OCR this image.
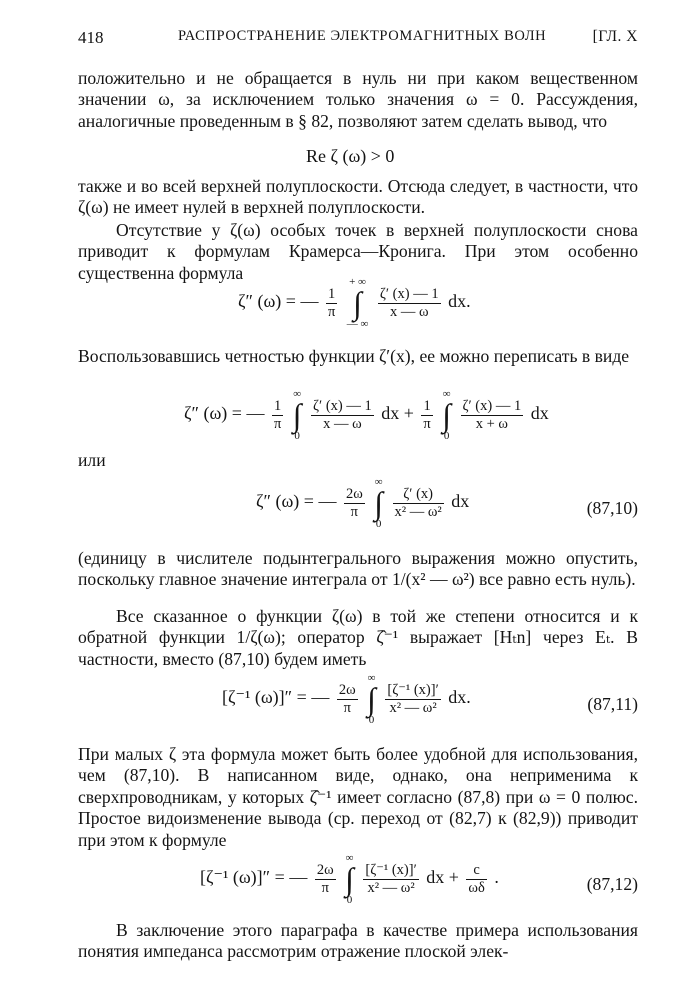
418	РАСПРОСТРАНЕНИЕ ЭЛЕКТРОМАГНИТНЫХ ВОЛН	[ГЛ. X

положительно и не обращается в нуль ни при каком вещественном значении ω, за исключением только значения ω = 0. Рассуждения, аналогичные проведенным в § 82, позволяют затем сделать вывод, что

Re ζ (ω) > 0

также и во всей верхней полуплоскости. Отсюда следует, в частности, что ζ(ω) не имеет нулей в верхней полуплоскости.

Отсутствие у ζ(ω) особых точек в верхней полуплоскости снова приводит к формулам Крамерса—Кронига. При этом особенно существенна формула

ζ″ (ω) = — $\frac{1}{\pi}$

+ ∞
∫
— ∞

$\frac{\zeta' (x) — 1}{x — \omega}$ dx.

Воспользовавшись четностью функции ζ′(x), ее можно переписать в виде

ζ″ (ω) = — $\frac{1}{\pi}$

∞
∫
0

$\frac{\zeta' (x) — 1}{x — \omega}$ dx + $\frac{1}{\pi}$

∞
∫
0

$\frac{\zeta' (x) — 1}{x + \omega}$ dx

или

ζ″ (ω) = — $\frac{2\omega}{\pi}$

∞
∫
0

$\frac{\zeta' (x)}{\text{x² — ω²}}$ dx	(87,10)

(единицу в числителе подынтегрального выражения можно опустить, поскольку главное значение интеграла от 1/(x² — ω²) все равно есть нуль).

Все сказанное о функции ζ(ω) в той же степени относится и к обратной функции 1/ζ(ω); оператор ζ̂⁻¹ выражает [Hₜn] через Eₜ. В частности, вместо (87,10) будем иметь

[ζ⁻¹ (ω)]″ = — $\frac{2\omega}{\pi}$

∞
∫
0

$\frac{\text{[ζ⁻¹ (x)]′}}{\text{x² — ω²}}$ dx.	(87,11)

При малых ζ эта формула может быть более удобной для использования, чем (87,10). В написанном виде, однако, она неприменима к сверхпроводникам, у которых ζ̂⁻¹ имеет согласно (87,8) при ω = 0 полюс. Простое видоизменение вывода (ср. переход от (82,7) к (82,9)) приводит при этом к формуле

[ζ⁻¹ (ω)]″ = — $\frac{2\omega}{\pi}$

∞
∫
0

$\frac{\text{[ζ⁻¹ (x)]′}}{\text{x² — ω²}}$ dx + $\frac{c}{\omega\delta}$ .	(87,12)

В заключение этого параграфа в качестве примера использования понятия импеданса рассмотрим отражение плоской элек-
